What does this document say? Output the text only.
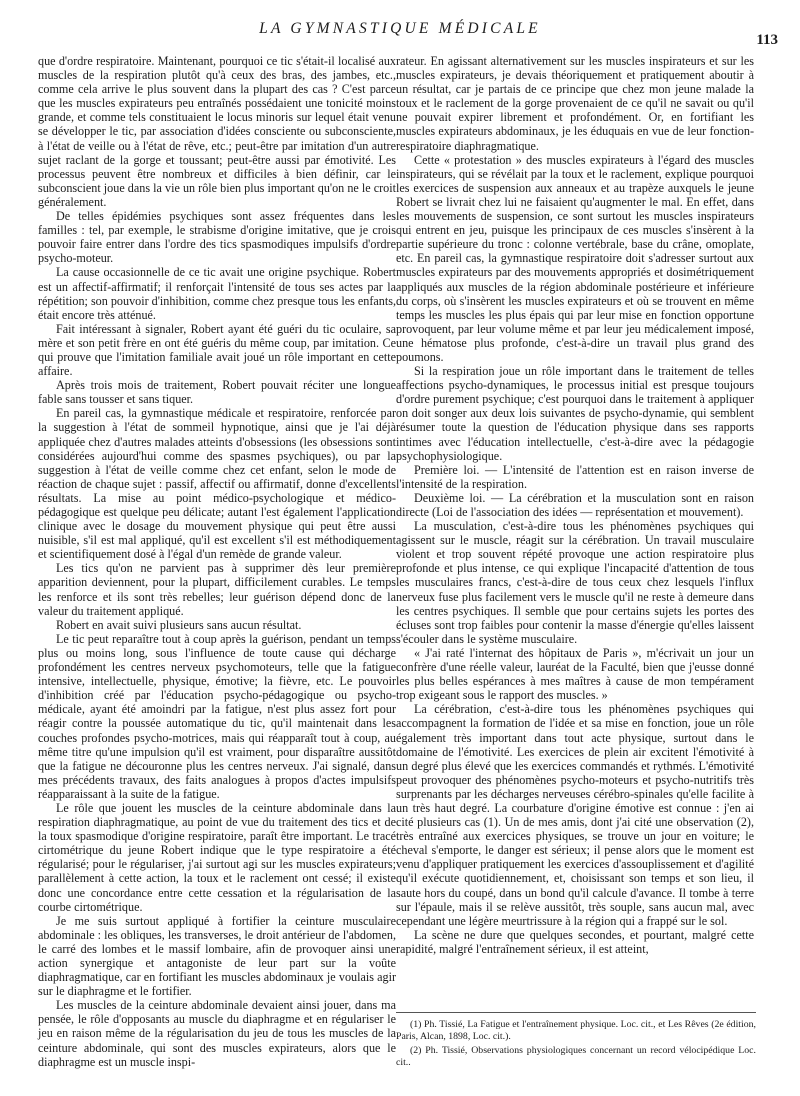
LA GYMNASTIQUE MÉDICALE
113

que d'ordre respiratoire. Maintenant, pourquoi ce tic s'était-il localisé aux muscles de la respiration plutôt qu'à ceux des bras, des jambes, etc., comme cela arrive le plus souvent dans la plupart des cas ? C'est parce que les muscles expirateurs peu entraînés possédaient une tonicité moins grande, et comme tels constituaient le locus minoris sur lequel était venu se développer le tic, par association d'idées consciente ou subconsciente, à l'état de veille ou à l'état de rêve, etc.; peut-être par imitation d'un autre sujet raclant de la gorge et toussant; peut-être aussi par émotivité. Les processus peuvent être nombreux et difficiles à bien définir, car le subconscient joue dans la vie un rôle bien plus important qu'on ne le croit généralement.

De telles épidémies psychiques sont assez fréquentes dans les familles : tel, par exemple, le strabisme d'origine imitative, que je crois pouvoir faire entrer dans l'ordre des tics spasmodiques impulsifs d'ordre psycho-moteur.

La cause occasionnelle de ce tic avait une origine psychique. Robert est un affectif-affirmatif; il renforçait l'intensité de tous ses actes par la répétition; son pouvoir d'inhibition, comme chez presque tous les enfants, était encore très atténué.

Fait intéressant à signaler, Robert ayant été guéri du tic oculaire, sa mère et son petit frère en ont été guéris du même coup, par imitation. Ce qui prouve que l'imitation familiale avait joué un rôle important en cette affaire.

Après trois mois de traitement, Robert pouvait réciter une longue fable sans tousser et sans tiquer.

En pareil cas, la gymnastique médicale et respiratoire, renforcée par la suggestion à l'état de sommeil hypnotique, ainsi que je l'ai déjà appliquée chez d'autres malades atteints d'obsessions (les obsessions sont considérées aujourd'hui comme des spasmes psychiques), ou par la suggestion à l'état de veille comme chez cet enfant, selon le mode de réaction de chaque sujet : passif, affectif ou affirmatif, donne d'excellents résultats. La mise au point médico-psychologique et médico-pédagogique est quelque peu délicate; autant l'est également l'application clinique avec le dosage du mouvement physique qui peut être aussi nuisible, s'il est mal appliqué, qu'il est excellent s'il est méthodiquement et scientifiquement dosé à l'égal d'un remède de grande valeur.

Les tics qu'on ne parvient pas à supprimer dès leur première apparition deviennent, pour la plupart, difficilement curables. Le temps les renforce et ils sont très rebelles; leur guérison dépend donc de la valeur du traitement appliqué.

Robert en avait suivi plusieurs sans aucun résultat.

Le tic peut reparaître tout à coup après la guérison, pendant un temps plus ou moins long, sous l'influence de toute cause qui décharge profondément les centres nerveux psychomoteurs, telle que la fatigue intensive, intellectuelle, physique, émotive; la fièvre, etc. Le pouvoir d'inhibition créé par l'éducation psycho-pédagogique ou psycho-médicale, ayant été amoindri par la fatigue, n'est plus assez fort pour réagir contre la poussée automatique du tic, qu'il maintenait dans les couches profondes psycho-motrices, mais qui réapparaît tout à coup, au même titre qu'une impulsion qu'il est vraiment, pour disparaître aussitôt que la fatigue ne découronne plus les centres nerveux. J'ai signalé, dans mes précédents travaux, des faits analogues à propos d'actes impulsifs réapparaissant à la suite de la fatigue.

Le rôle que jouent les muscles de la ceinture abdominale dans la respiration diaphragmatique, au point de vue du traitement des tics et de la toux spasmodique d'origine respiratoire, paraît être important. Le tracé cirtométrique du jeune Robert indique que le type respiratoire a été régularisé; pour le régulariser, j'ai surtout agi sur les muscles expirateurs; parallèlement à cette action, la toux et le raclement ont cessé; il existe donc une concordance entre cette cessation et la régularisation de la courbe cirtométrique.

Je me suis surtout appliqué à fortifier la ceinture musculaire abdominale : les obliques, les transverses, le droit antérieur de l'abdomen, le carré des lombes et le massif lombaire, afin de provoquer ainsi une action synergique et antagoniste de leur part sur la voûte diaphragmatique, car en fortifiant les muscles abdominaux je voulais agir sur le diaphragme et le fortifier.

Les muscles de la ceinture abdominale devaient ainsi jouer, dans ma pensée, le rôle d'opposants au muscle du diaphragme et en régulariser le jeu en raison même de la régularisation du jeu de tous les muscles de la ceinture abdominale, qui sont des muscles expirateurs, alors que le diaphragme est un muscle inspi-

rateur. En agissant alternativement sur les muscles inspirateurs et sur les muscles expirateurs, je devais théoriquement et pratiquement aboutir à un résultat, car je partais de ce principe que chez mon jeune malade la toux et le raclement de la gorge provenaient de ce qu'il ne savait ou qu'il ne pouvait expirer librement et profondément. Or, en fortifiant les muscles expirateurs abdominaux, je les éduquais en vue de leur fonction-respiratoire diaphragmatique.

Cette « protestation » des muscles expirateurs à l'égard des muscles inspirateurs, qui se révélait par la toux et le raclement, explique pourquoi les exercices de suspension aux anneaux et au trapèze auxquels le jeune Robert se livrait chez lui ne faisaient qu'augmenter le mal. En effet, dans les mouvements de suspension, ce sont surtout les muscles inspirateurs qui entrent en jeu, puisque les principaux de ces muscles s'insèrent à la partie supérieure du tronc : colonne vertébrale, base du crâne, omoplate, etc. En pareil cas, la gymnastique respiratoire doit s'adresser surtout aux muscles expirateurs par des mouvements appropriés et dosimétriquement appliqués aux muscles de la région abdominale postérieure et inférieure du corps, où s'insèrent les muscles expirateurs et où se trouvent en même temps les muscles les plus épais qui par leur mise en fonction opportune provoquent, par leur volume même et par leur jeu médicalement imposé, une hématose plus profonde, c'est-à-dire un travail plus grand des poumons.

Si la respiration joue un rôle important dans le traitement de telles affections psycho-dynamiques, le processus initial est presque toujours d'ordre purement psychique; c'est pourquoi dans le traitement à appliquer on doit songer aux deux lois suivantes de psycho-dynamie, qui semblent résumer toute la question de l'éducation physique dans ses rapports intimes avec l'éducation intellectuelle, c'est-à-dire avec la pédagogie psychophysiologique.

Première loi. — L'intensité de l'attention est en raison inverse de l'intensité de la respiration.

Deuxième loi. — La cérébration et la musculation sont en raison directe (Loi de l'association des idées — représentation et mouvement).

La musculation, c'est-à-dire tous les phénomènes psychiques qui agissent sur le muscle, réagit sur la cérébration. Un travail musculaire violent et trop souvent répété provoque une action respiratoire plus profonde et plus intense, ce qui explique l'incapacité d'attention de tous les musculaires francs, c'est-à-dire de tous ceux chez lesquels l'influx nerveux fuse plus facilement vers le muscle qu'il ne reste à demeure dans les centres psychiques. Il semble que pour certains sujets les portes des écluses sont trop faibles pour contenir la masse d'énergie qu'elles laissent s'écouler dans le système musculaire.

« J'ai raté l'internat des hôpitaux de Paris », m'écrivait un jour un confrère d'une réelle valeur, lauréat de la Faculté, bien que j'eusse donné les plus belles espérances à mes maîtres à cause de mon tempérament trop exigeant sous le rapport des muscles. »

La cérébration, c'est-à-dire tous les phénomènes psychiques qui accompagnent la formation de l'idée et sa mise en fonction, joue un rôle également très important dans tout acte physique, surtout dans le domaine de l'émotivité. Les exercices de plein air excitent l'émotivité à un degré plus élevé que les exercices commandés et rythmés. L'émotivité peut provoquer des phénomènes psycho-moteurs et psycho-nutritifs très surprenants par les décharges nerveuses cérébro-spinales qu'elle facilite à un très haut degré. La courbature d'origine émotive est connue : j'en ai cité plusieurs cas (1). Un de mes amis, dont j'ai cité une observation (2), très entraîné aux exercices physiques, se trouve un jour en voiture; le cheval s'emporte, le danger est sérieux; il pense alors que le moment est venu d'appliquer pratiquement les exercices d'assouplissement et d'agilité qu'il exécute quotidiennement, et, choisissant son temps et son lieu, il saute hors du coupé, dans un bond qu'il calcule d'avance. Il tombe à terre sur l'épaule, mais il se relève aussitôt, très souple, sans aucun mal, avec cependant une légère meurtrissure à la région qui a frappé sur le sol.

La scène ne dure que quelques secondes, et pourtant, malgré cette rapidité, malgré l'entraînement sérieux, il est atteint,

(1) Ph. Tissié, La Fatigue et l'entraînement physique. Loc. cit., et Les Rêves (2e édition, Paris, Alcan, 1898, Loc. cit.).

(2) Ph. Tissié, Observations physiologiques concernant un record vélocipédique Loc. cit..
